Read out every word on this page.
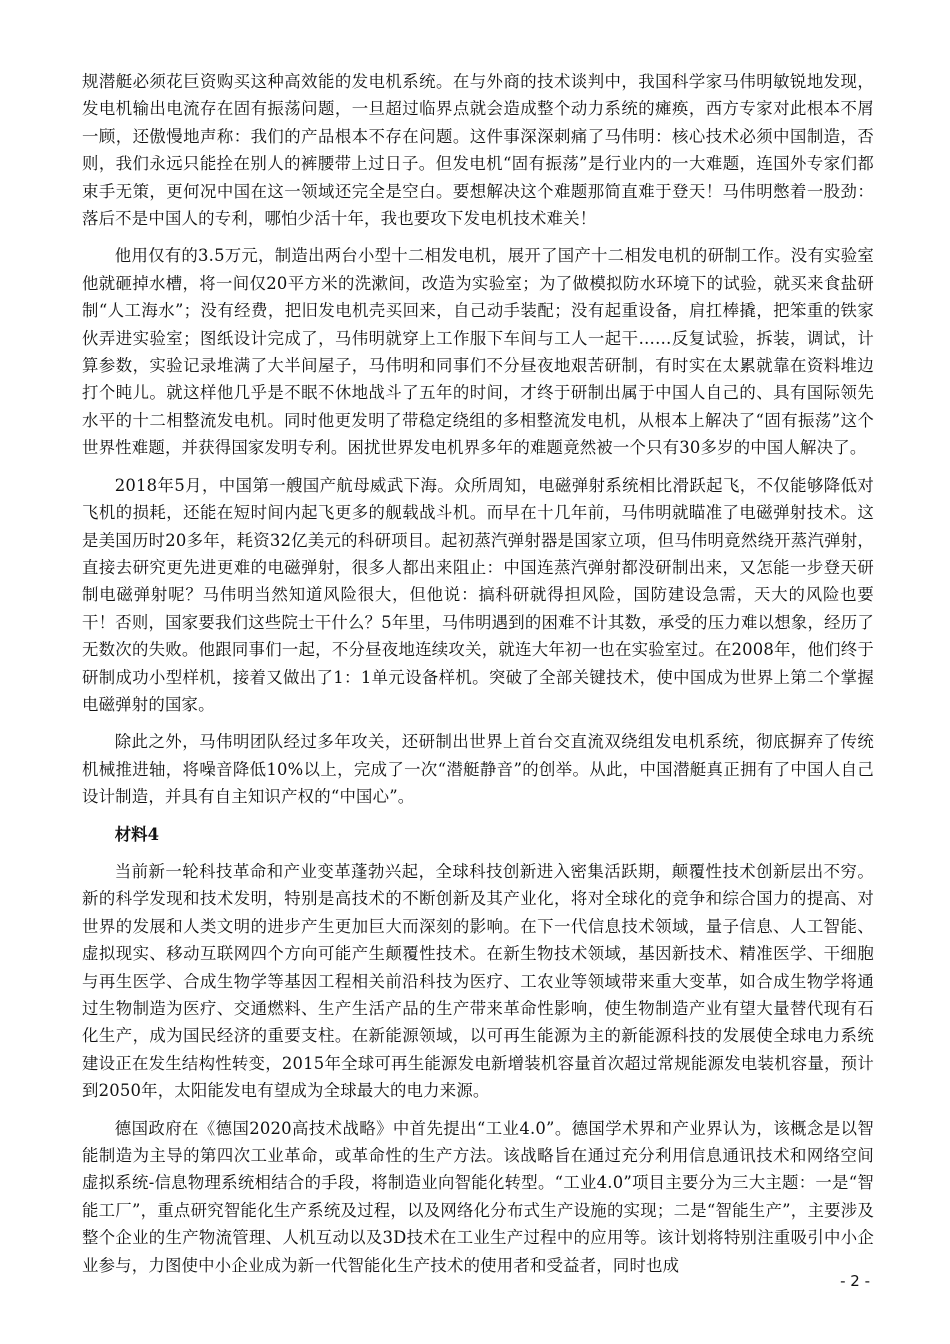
规潜艇必须花巨资购买这种高效能的发电机系统。在与外商的技术谈判中，我国科学家马伟明敏锐地发现，发电机输出电流存在固有振荡问题，一旦超过临界点就会造成整个动力系统的瘫痪，西方专家对此根本不屑一顾，还傲慢地声称：我们的产品根本不存在问题。这件事深深刺痛了马伟明：核心技术必须中国制造，否则，我们永远只能拴在别人的裤腰带上过日子。但发电机“固有振荡”是行业内的一大难题，连国外专家们都束手无策，更何况中国在这一领域还完全是空白。要想解决这个难题那简直难于登天！马伟明憋着一股劲：落后不是中国人的专利，哪怕少活十年，我也要攻下发电机技术难关！

他用仅有的3.5万元，制造出两台小型十二相发电机，展开了国产十二相发电机的研制工作。没有实验室他就砸掉水槽，将一间仅20平方米的洗漱间，改造为实验室；为了做模拟防水环境下的试验，就买来食盐研制“人工海水”；没有经费，把旧发电机壳买回来，自己动手装配；没有起重设备，肩扛棒撬，把笨重的铁家伙弄进实验室；图纸设计完成了，马伟明就穿上工作服下车间与工人一起干……反复试验，拆装，调试，计算参数，实验记录堆满了大半间屋子，马伟明和同事们不分昼夜地艰苦研制，有时实在太累就靠在资料堆边打个盹儿。就这样他几乎是不眠不休地战斗了五年的时间，才终于研制出属于中国人自己的、具有国际领先水平的十二相整流发电机。同时他更发明了带稳定绕组的多相整流发电机，从根本上解决了“固有振荡”这个世界性难题，并获得国家发明专利。困扰世界发电机界多年的难题竟然被一个只有30多岁的中国人解决了。

2018年5月，中国第一艘国产航母威武下海。众所周知，电磁弹射系统相比滑跃起飞，不仅能够降低对飞机的损耗，还能在短时间内起飞更多的舰载战斗机。而早在十几年前，马伟明就瞄准了电磁弹射技术。这是美国历时20多年，耗资32亿美元的科研项目。起初蒸汽弹射器是国家立项，但马伟明竟然绕开蒸汽弹射，直接去研究更先进更难的电磁弹射，很多人都出来阻止：中国连蒸汽弹射都没研制出来，又怎能一步登天研制电磁弹射呢？马伟明当然知道风险很大，但他说：搞科研就得担风险，国防建设急需，天大的风险也要干！否则，国家要我们这些院士干什么？5年里，马伟明遇到的困难不计其数，承受的压力难以想象，经历了无数次的失败。他跟同事们一起，不分昼夜地连续攻关，就连大年初一也在实验室过。在2008年，他们终于研制成功小型样机，接着又做出了1：1单元设备样机。突破了全部关键技术，使中国成为世界上第二个掌握电磁弹射的国家。

除此之外，马伟明团队经过多年攻关，还研制出世界上首台交直流双绕组发电机系统，彻底摒弃了传统机械推进轴，将噪音降低10%以上，完成了一次“潜艇静音”的创举。从此，中国潜艇真正拥有了中国人自己设计制造，并具有自主知识产权的“中国心”。

材料4

当前新一轮科技革命和产业变革蓬勃兴起，全球科技创新进入密集活跃期，颠覆性技术创新层出不穷。新的科学发现和技术发明，特别是高技术的不断创新及其产业化，将对全球化的竞争和综合国力的提高、对世界的发展和人类文明的进步产生更加巨大而深刻的影响。在下一代信息技术领域，量子信息、人工智能、虚拟现实、移动互联网四个方向可能产生颠覆性技术。在新生物技术领域，基因新技术、精准医学、干细胞与再生医学、合成生物学等基因工程相关前沿科技为医疗、工农业等领域带来重大变革，如合成生物学将通过生物制造为医疗、交通燃料、生产生活产品的生产带来革命性影响，使生物制造产业有望大量替代现有石化生产，成为国民经济的重要支柱。在新能源领域，以可再生能源为主的新能源科技的发展使全球电力系统建设正在发生结构性转变，2015年全球可再生能源发电新增装机容量首次超过常规能源发电装机容量，预计到2050年，太阳能发电有望成为全球最大的电力来源。

德国政府在《德国2020高技术战略》中首先提出“工业4.0”。德国学术界和产业界认为，该概念是以智能制造为主导的第四次工业革命，或革命性的生产方法。该战略旨在通过充分利用信息通讯技术和网络空间虚拟系统-信息物理系统相结合的手段，将制造业向智能化转型。“工业4.0”项目主要分为三大主题：一是“智能工厂”，重点研究智能化生产系统及过程，以及网络化分布式生产设施的实现；二是“智能生产”，主要涉及整个企业的生产物流管理、人机互动以及3D技术在工业生产过程中的应用等。该计划将特别注重吸引中小企业参与，力图使中小企业成为新一代智能化生产技术的使用者和受益者，同时也成

- 2 -
